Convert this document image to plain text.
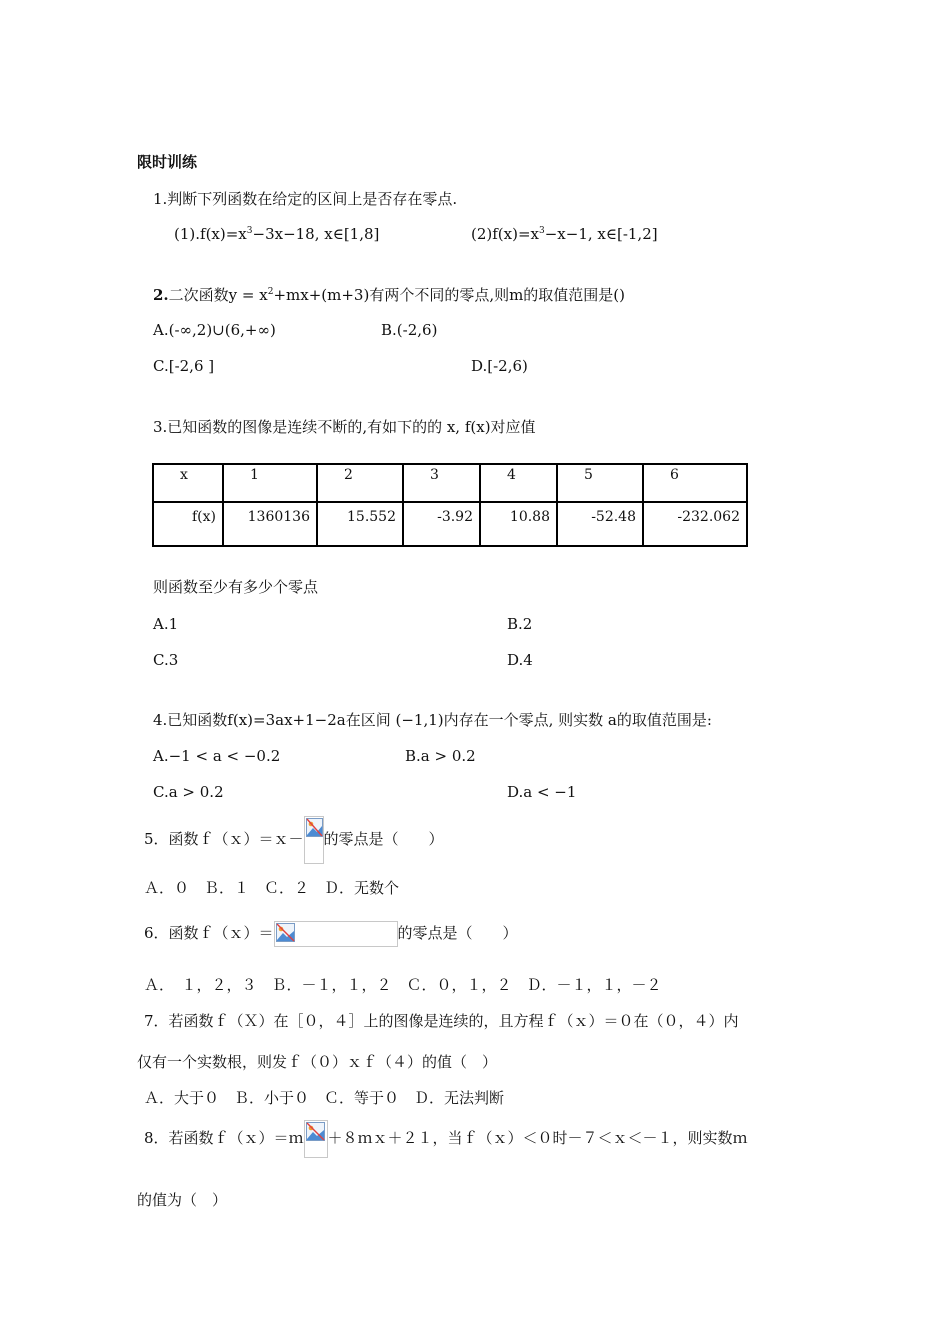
限时训练
1.判断下列函数在给定的区间上是否存在零点.
$(1).f(x)=x^3-3x-18$, x∈[1,8]	$(2)f(x)=x^3-x-1$, x∈[-1,2]
2.二次函数$y = x^2+mx+(m+3)$有两个不同的零点,则m的取值范围是()
A.(-∞,2)∪(6,+∞)	B.(-2,6)
C.[-2,6 ]	D.[-2,6)
3.已知函数的图像是连续不断的,有如下的的 x, f(x)对应值
x	1	2	3	4	5	6
f(x)	1360136	15.552	-3.92	10.88	-52.48	-232.062
则函数至少有多少个零点
A.1	B.2
C.3	D.4
4.已知函数f(x)=3ax+1−2a在区间 (−1,1)内存在一个零点, 则实数 a的取值范围是:
A.−1 < a < −0.2	B.a > 0.2
C.a > 0.2	D.a < −1
5．函数ｆ（ｘ）＝ｘ－ 的零点是（　　）
Ａ．０　Ｂ．１　Ｃ．２　Ｄ．无数个
6．函数ｆ（ｘ）＝	的零点是（　　）
Ａ．　１，２，３　Ｂ．－１，１，２　Ｃ．０，１，２　Ｄ．－１，１，－２
7．若函数ｆ（Ｘ）在［０，４］上的图像是连续的，且方程ｆ（ｘ）＝０在（０，４）内
仅有一个实数根，则发ｆ（０）ｘｆ（４）的值（　）
Ａ．大于０　Ｂ．小于０　Ｃ．等于０　Ｄ．无法判断
8．若函数ｆ（ｘ）＝ｍ ＋８ｍｘ＋２１，当ｆ（ｘ）＜０时－７＜ｘ＜－１，则实数ｍ
的值为（　）
